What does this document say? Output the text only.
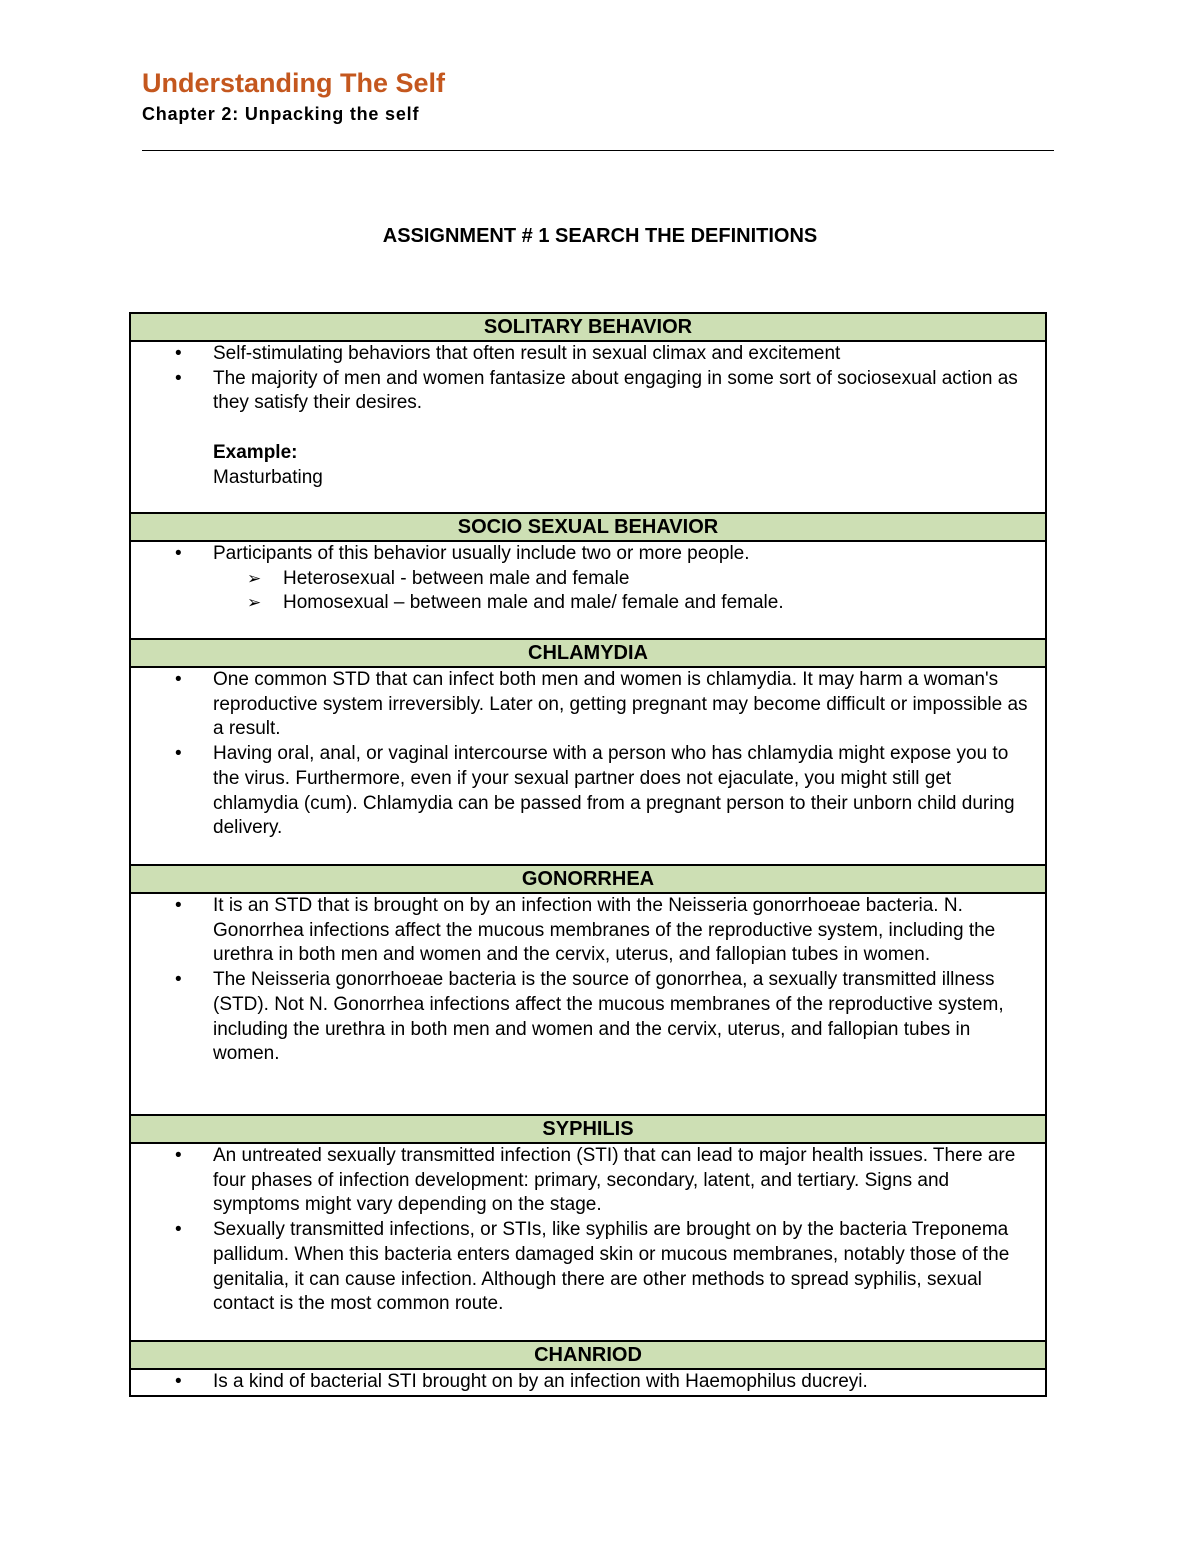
Understanding The Self
Chapter 2: Unpacking the self
ASSIGNMENT # 1 SEARCH THE DEFINITIONS
SOLITARY BEHAVIOR

• Self-stimulating behaviors that often result in sexual climax and excitement
• The majority of men and women fantasize about engaging in some sort of sociosexual action as they satisfy their desires.
Example:
Masturbating

SOCIO SEXUAL BEHAVIOR

• Participants of this behavior usually include two or more people.
➢ Heterosexual - between male and female
➢ Homosexual – between male and male/ female and female.

CHLAMYDIA

• One common STD that can infect both men and women is chlamydia. It may harm a woman's reproductive system irreversibly. Later on, getting pregnant may become difficult or impossible as a result.
• Having oral, anal, or vaginal intercourse with a person who has chlamydia might expose you to the virus. Furthermore, even if your sexual partner does not ejaculate, you might still get chlamydia (cum). Chlamydia can be passed from a pregnant person to their unborn child during delivery.

GONORRHEA

• It is an STD that is brought on by an infection with the Neisseria gonorrhoeae bacteria. N. Gonorrhea infections affect the mucous membranes of the reproductive system, including the urethra in both men and women and the cervix, uterus, and fallopian tubes in women.
• The Neisseria gonorrhoeae bacteria is the source of gonorrhea, a sexually transmitted illness (STD). Not N. Gonorrhea infections affect the mucous membranes of the reproductive system, including the urethra in both men and women and the cervix, uterus, and fallopian tubes in women.

SYPHILIS

• An untreated sexually transmitted infection (STI) that can lead to major health issues. There are four phases of infection development: primary, secondary, latent, and tertiary. Signs and symptoms might vary depending on the stage.
• Sexually transmitted infections, or STIs, like syphilis are brought on by the bacteria Treponema pallidum. When this bacteria enters damaged skin or mucous membranes, notably those of the genitalia, it can cause infection. Although there are other methods to spread syphilis, sexual contact is the most common route.

CHANRIOD

• Is a kind of bacterial STI brought on by an infection with Haemophilus ducreyi.
